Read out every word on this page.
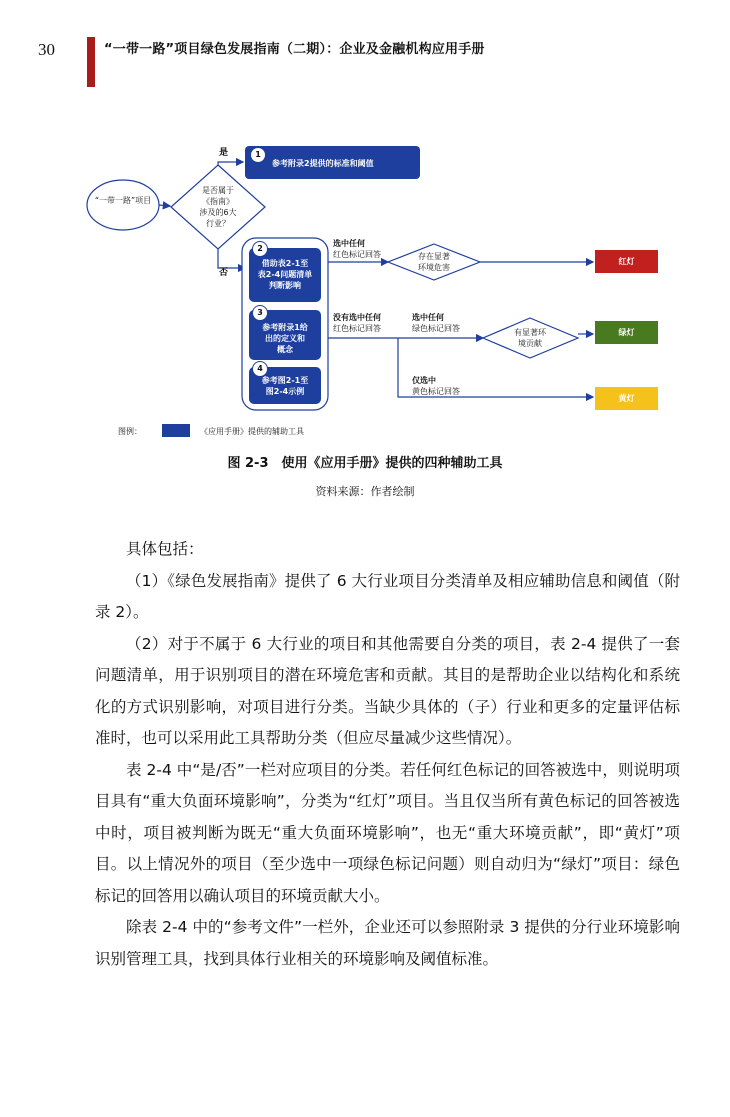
30	“一带一路”项目绿色发展指南（二期）：企业及金融机构应用手册
“一带一路”项目
是否属于
《指南》
涉及的6大
行业？
是
否
1
参考附录2提供的标准和阈值
2
借助表2-1至
表2-4问题清单
判断影响
3
参考附录1给
出的定义和
概念
4
参考图2-1至
图2-4示例
选中任何
红色标记回答
没有选中任何
红色标记回答
选中任何
绿色标记回答
仅选中
黄色标记回答
存在显著
环境危害
有显著环
境贡献
红灯
绿灯
黄灯
图例：	《应用手册》提供的辅助工具
图 2-3　使用《应用手册》提供的四种辅助工具
资料来源：作者绘制

具体包括：

（1）《绿色发展指南》提供了 6 大行业项目分类清单及相应辅助信息和阈值（附录 2）。

（2）对于不属于 6 大行业的项目和其他需要自分类的项目，表 2-4 提供了一套问题清单，用于识别项目的潜在环境危害和贡献。其目的是帮助企业以结构化和系统化的方式识别影响，对项目进行分类。当缺少具体的（子）行业和更多的定量评估标准时，也可以采用此工具帮助分类（但应尽量减少这些情况）。

表 2-4 中“是/否”一栏对应项目的分类。若任何红色标记的回答被选中，则说明项目具有“重大负面环境影响”，分类为“红灯”项目。当且仅当所有黄色标记的回答被选中时，项目被判断为既无“重大负面环境影响”，也无“重大环境贡献”，即“黄灯”项目。以上情况外的项目（至少选中一项绿色标记问题）则自动归为“绿灯”项目：绿色标记的回答用以确认项目的环境贡献大小。

除表 2-4 中的“参考文件”一栏外，企业还可以参照附录 3 提供的分行业环境影响识别管理工具，找到具体行业相关的环境影响及阈值标准。
